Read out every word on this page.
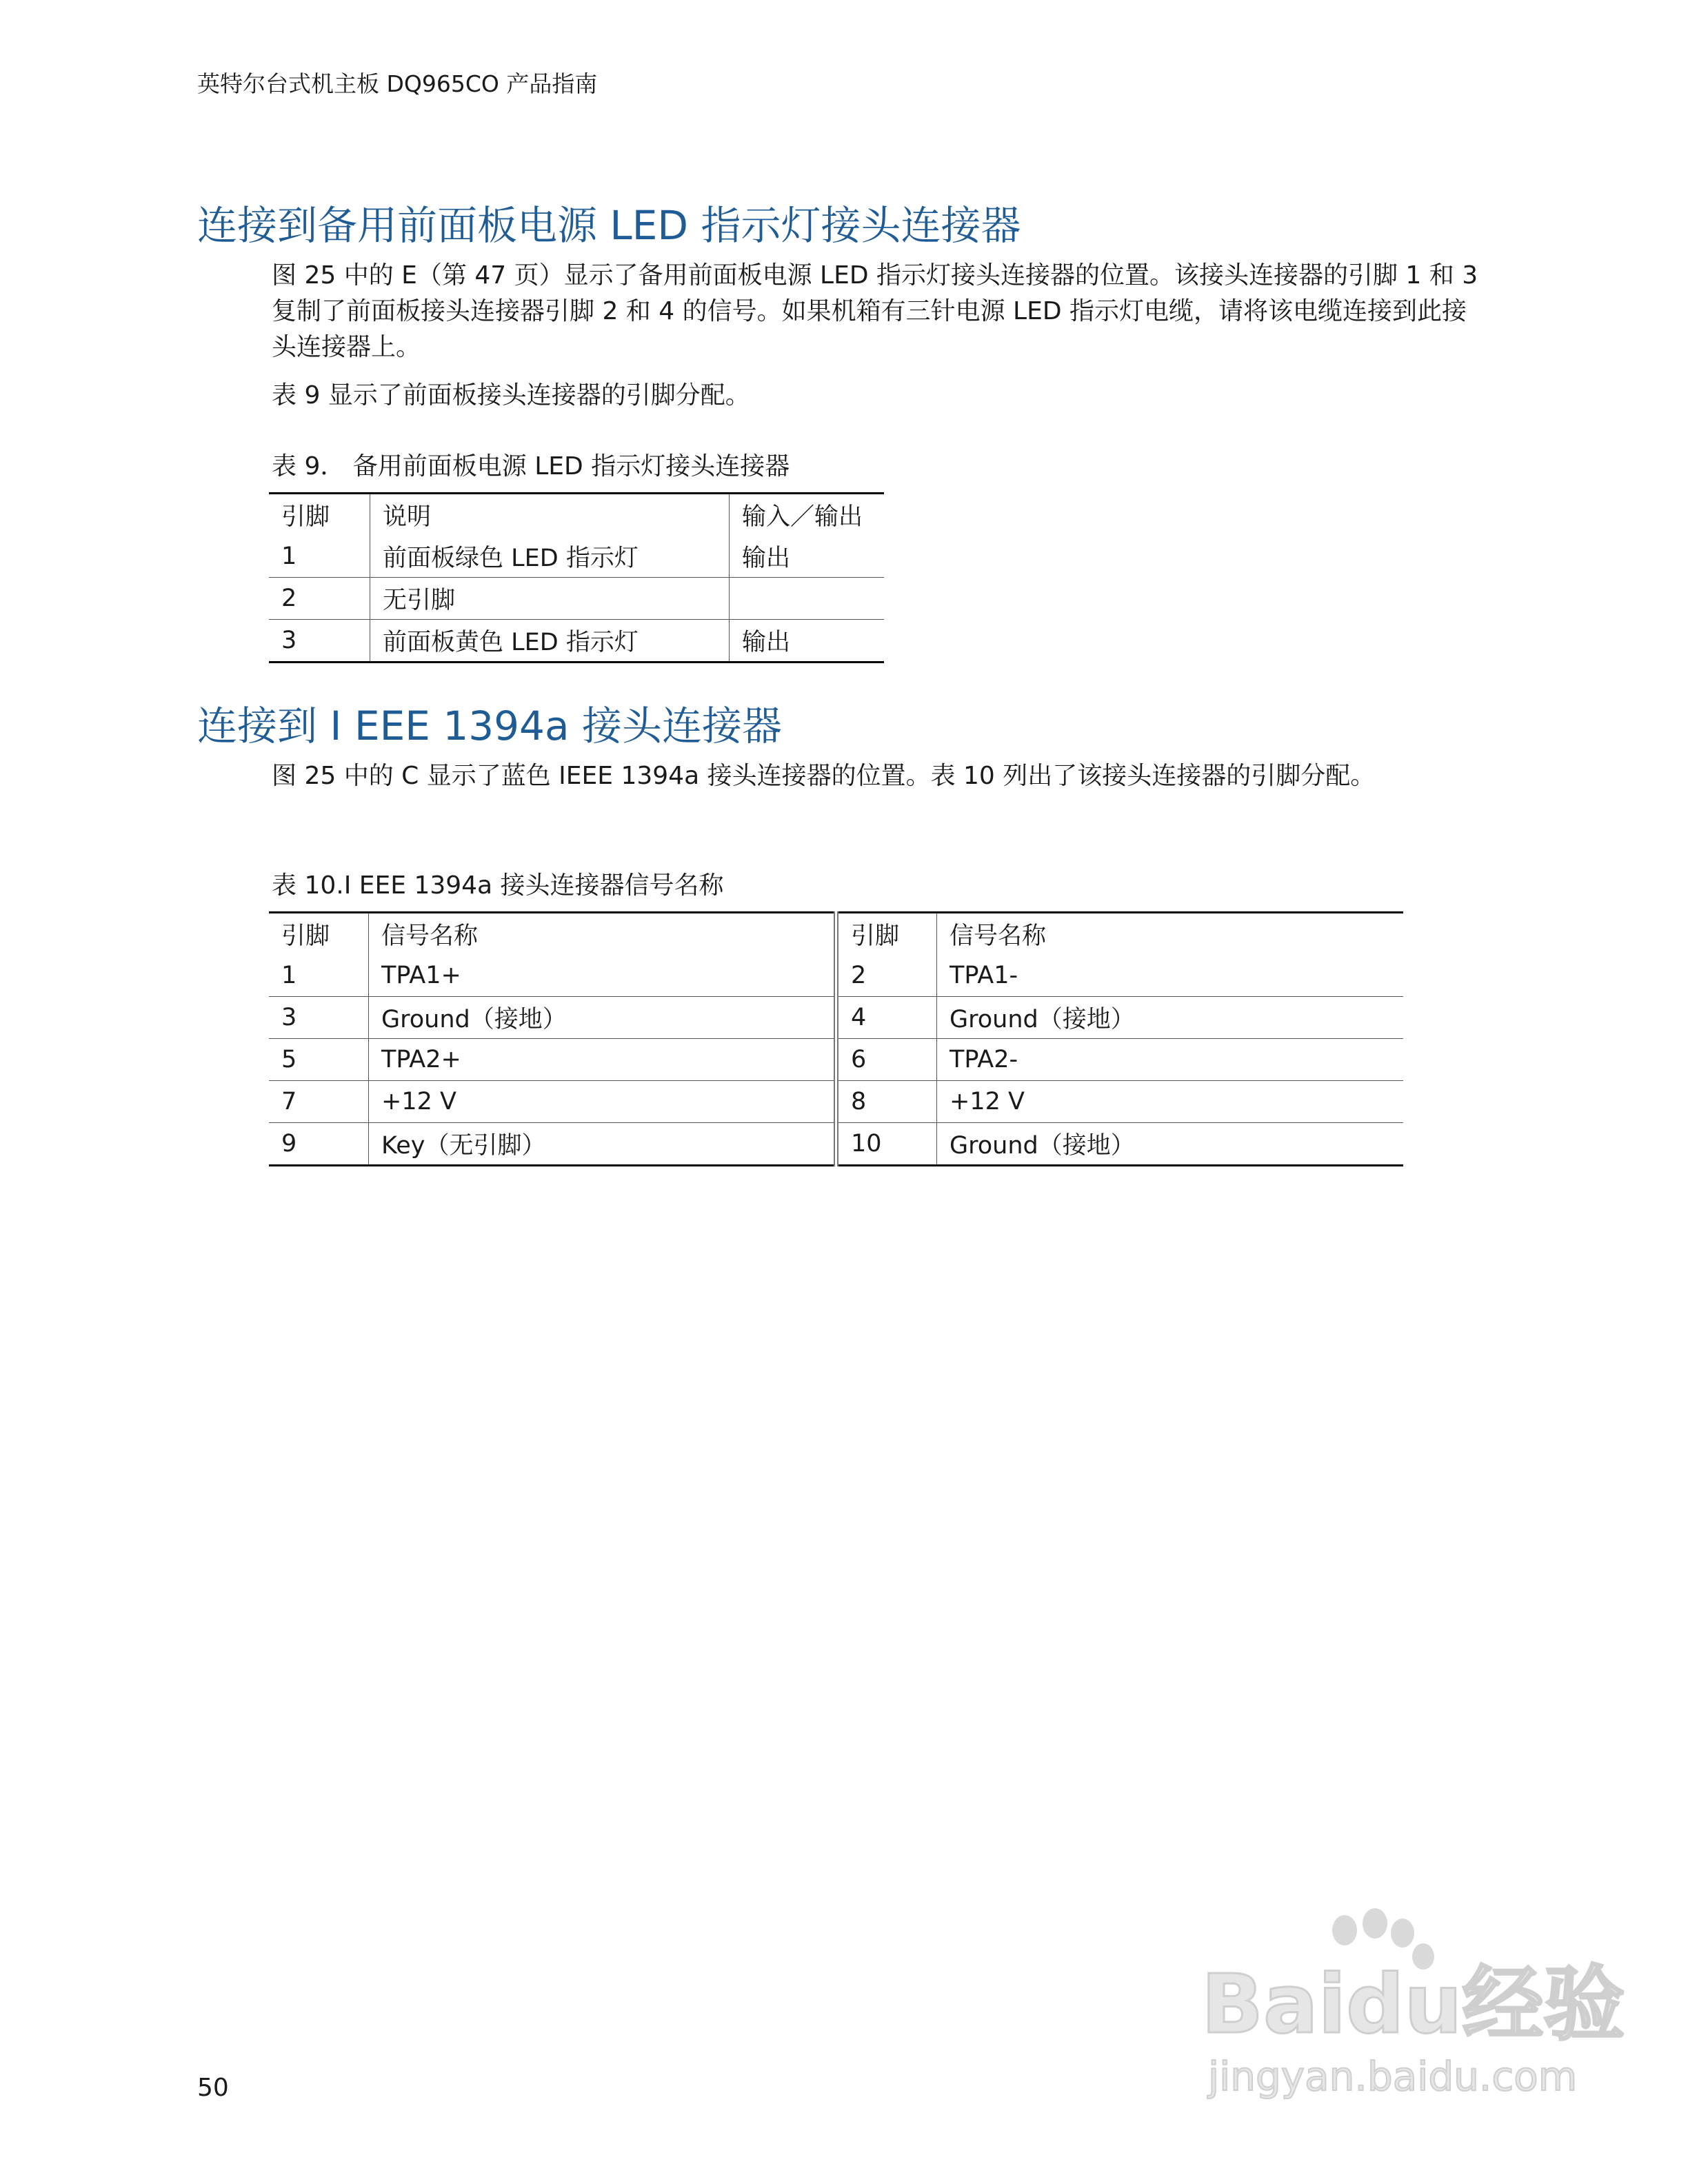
英特尔台式机主板 DQ965CO 产品指南
连接到备用前面板电源 LED 指示灯接头连接器

图 25 中的 E（第 47 页）显示了备用前面板电源 LED 指示灯接头连接器的位置。该接头连接器的引脚 1 和 3 复制了前面板接头连接器引脚 2 和 4 的信号。如果机箱有三针电源 LED 指示灯电缆，请将该电缆连接到此接头连接器上。

表 9 显示了前面板接头连接器的引脚分配。

表 9． 备用前面板电源 LED 指示灯接头连接器

引脚	说明	输入／输出
1	前面板绿色 LED 指示灯	输出
2	无引脚	
3	前面板黄色 LED 指示灯	输出
连接到 I EEE 1394a 接头连接器

图 25 中的 C 显示了蓝色 IEEE 1394a 接头连接器的位置。表 10 列出了该接头连接器的引脚分配。

表 10.I EEE 1394a 接头连接器信号名称

引脚	信号名称	引脚	信号名称
1	TPA1+	2	TPA1-
3	Ground（接地）	4	Ground（接地）
5	TPA2+	6	TPA2-
7	+12 V	8	+12 V
9	Key（无引脚）	10	Ground（接地）
50
Baidu经验
jingyan.baidu.com
